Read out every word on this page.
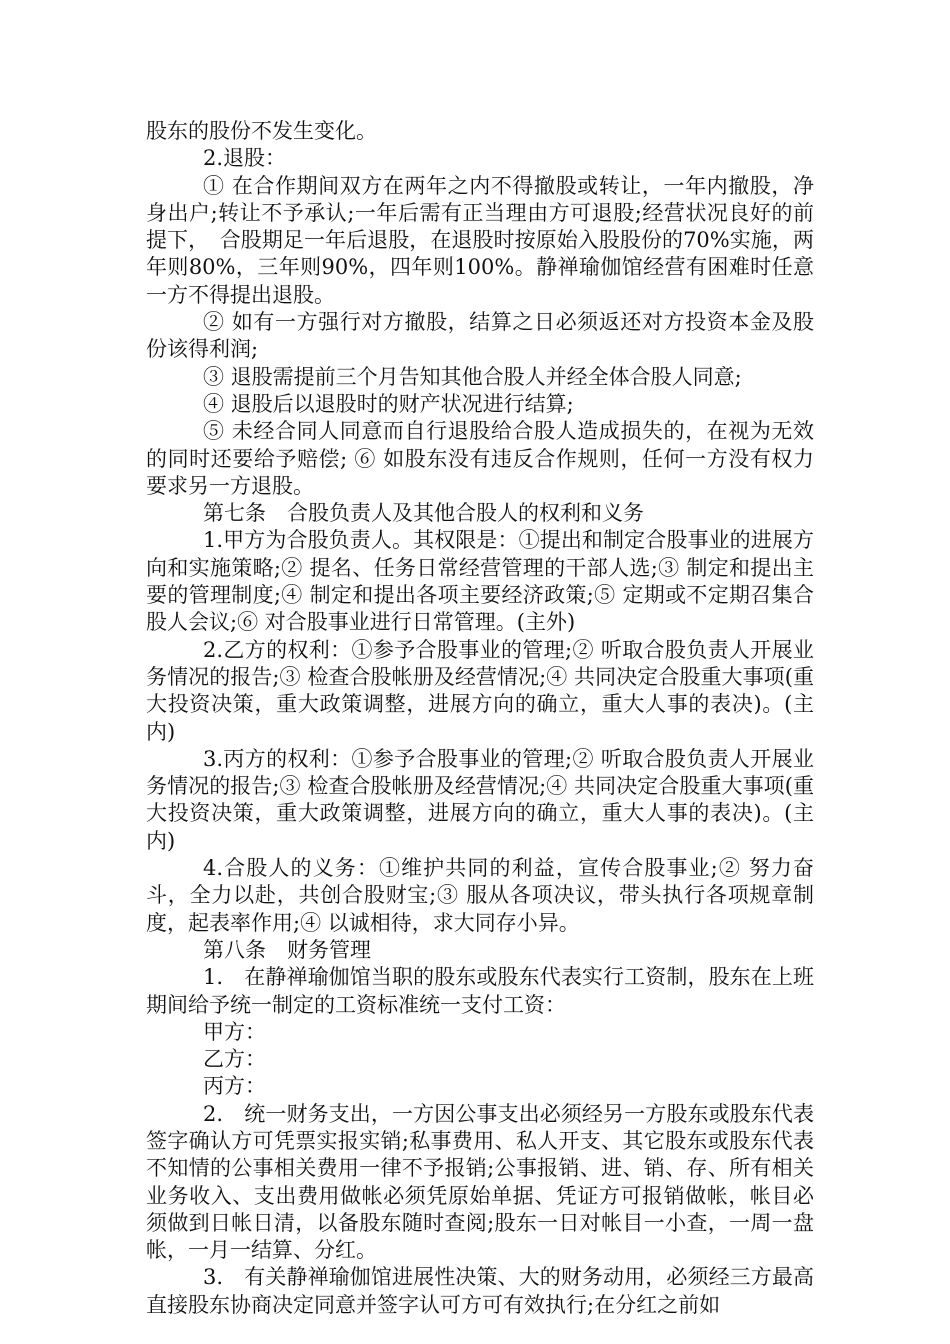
股东的股份不发生变化。

2.退股：

① 在合作期间双方在两年之内不得撤股或转让，一年内撤股，净身出户;转让不予承认;一年后需有正当理由方可退股;经营状况良好的前提下，　合股期足一年后退股，在退股时按原始入股股份的70%实施，两年则80%，三年则90%，四年则100%。静禅瑜伽馆经营有困难时任意一方不得提出退股。

② 如有一方强行对方撤股，结算之日必须返还对方投资本金及股份该得利润;

③ 退股需提前三个月告知其他合股人并经全体合股人同意;

④ 退股后以退股时的财产状况进行结算;

⑤ 未经合同人同意而自行退股给合股人造成损失的，在视为无效的同时还要给予赔偿; ⑥ 如股东没有违反合作规则，任何一方没有权力要求另一方退股。

第七条　合股负责人及其他合股人的权利和义务

1.甲方为合股负责人。其权限是：①提出和制定合股事业的进展方向和实施策略;② 提名、任务日常经营管理的干部人选;③ 制定和提出主要的管理制度;④ 制定和提出各项主要经济政策;⑤ 定期或不定期召集合股人会议;⑥ 对合股事业进行日常管理。(主外)

2.乙方的权利：①参予合股事业的管理;② 听取合股负责人开展业务情况的报告;③ 检查合股帐册及经营情况;④ 共同决定合股重大事项(重大投资决策，重大政策调整，进展方向的确立，重大人事的表决)。(主内)

3.丙方的权利：①参予合股事业的管理;② 听取合股负责人开展业务情况的报告;③ 检查合股帐册及经营情况;④ 共同决定合股重大事项(重大投资决策，重大政策调整，进展方向的确立，重大人事的表决)。(主内)

4.合股人的义务：①维护共同的利益，宣传合股事业;② 努力奋斗，全力以赴，共创合股财宝;③ 服从各项决议，带头执行各项规章制度，起表率作用;④ 以诚相待，求大同存小异。

第八条　财务管理

1.　在静禅瑜伽馆当职的股东或股东代表实行工资制，股东在上班期间给予统一制定的工资标准统一支付工资：

甲方：

乙方：

丙方：

2.　统一财务支出，一方因公事支出必须经另一方股东或股东代表签字确认方可凭票实报实销;私事费用、私人开支、其它股东或股东代表不知情的公事相关费用一律不予报销;公事报销、进、销、存、所有相关业务收入、支出费用做帐必须凭原始单据、凭证方可报销做帐，帐目必须做到日帐日清，以备股东随时查阅;股东一日对帐目一小查，一周一盘帐，一月一结算、分红。

3.　有关静禅瑜伽馆进展性决策、大的财务动用，必须经三方最高直接股东协商决定同意并签字认可方可有效执行;在分红之前如
